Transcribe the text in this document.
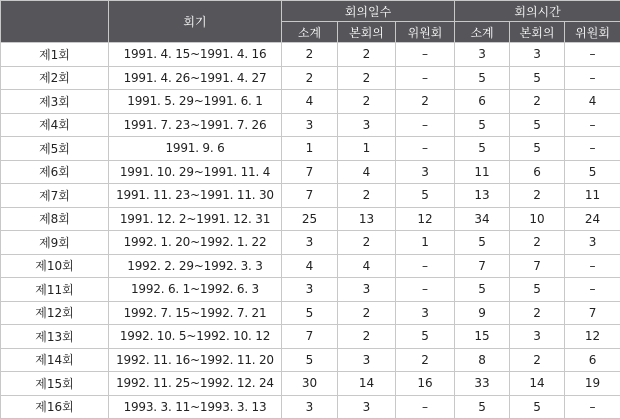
	회기	회의일수			회의시간		
		소계	본회의	위원회	소계	본회의	위원회
제1회	1991. 4. 15~1991. 4. 16	2	2	–	3	3	–
제2회	1991. 4. 26~1991. 4. 27	2	2	–	5	5	–
제3회	1991. 5. 29~1991. 6. 1	4	2	2	6	2	4
제4회	1991. 7. 23~1991. 7. 26	3	3	–	5	5	–
제5회	1991. 9. 6	1	1	–	5	5	–
제6회	1991. 10. 29~1991. 11. 4	7	4	3	11	6	5
제7회	1991. 11. 23~1991. 11. 30	7	2	5	13	2	11
제8회	1991. 12. 2~1991. 12. 31	25	13	12	34	10	24
제9회	1992. 1. 20~1992. 1. 22	3	2	1	5	2	3
제10회	1992. 2. 29~1992. 3. 3	4	4	–	7	7	–
제11회	1992. 6. 1~1992. 6. 3	3	3	–	5	5	–
제12회	1992. 7. 15~1992. 7. 21	5	2	3	9	2	7
제13회	1992. 10. 5~1992. 10. 12	7	2	5	15	3	12
제14회	1992. 11. 16~1992. 11. 20	5	3	2	8	2	6
제15회	1992. 11. 25~1992. 12. 24	30	14	16	33	14	19
제16회	1993. 3. 11~1993. 3. 13	3	3	–	5	5	–
